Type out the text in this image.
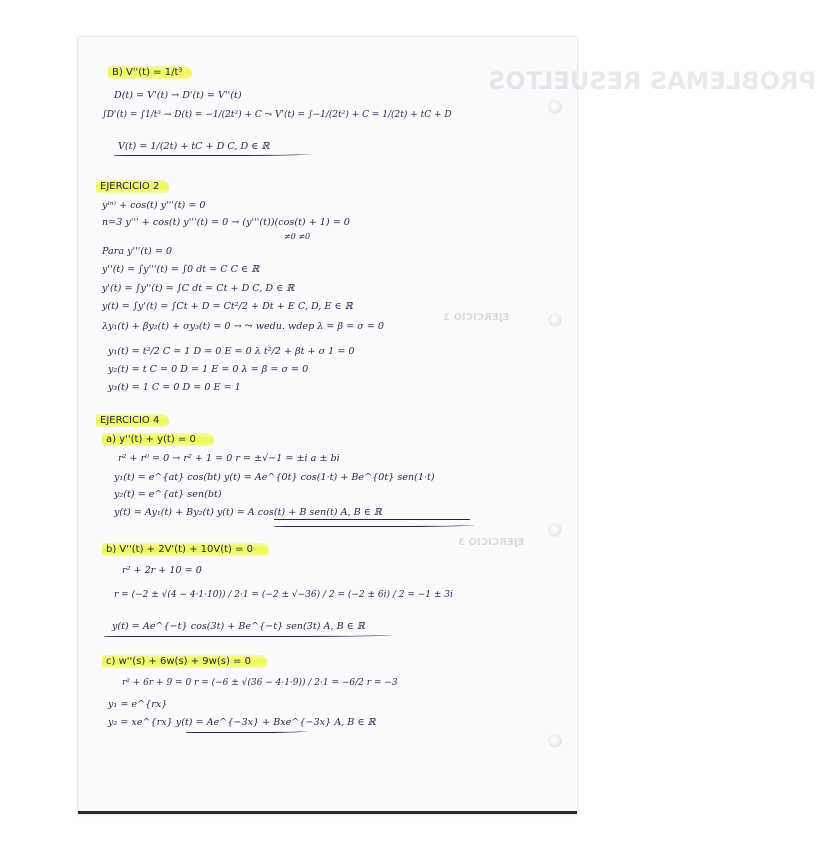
PROBLEMAS RESUELTOS
EJERCICIO 1
EJERCICIO 3
B) V''(t) = 1/t³
D(t) = V'(t) → D'(t) = V''(t)
∫D'(t) = ∫1/t³ → D(t) = −1/(2t²) + C ⤳ V'(t) = ∫−1/(2t²) + C = 1/(2t) + tC + D
V(t) = 1/(2t) + tC + D C, D ∈ ℝ
EJERCICIO 2
y⁽ⁿ⁾ + cos(t) y'''(t) = 0
n=3 y''' + cos(t) y'''(t) = 0 → (y'''(t))(cos(t) + 1) = 0
≠0 ≠0
Para y'''(t) = 0
y''(t) = ∫y'''(t) = ∫0 dt = C C ∈ ℝ
y'(t) = ∫y''(t) = ∫C dt = Ct + D C, D ∈ ℝ
y(t) = ∫y'(t) = ∫Ct + D = Ct²/2 + Dt + E C, D, E ∈ ℝ
λy₁(t) + βy₂(t) + σy₃(t) = 0 → ⤳ wedu. wdep λ = β = σ = 0
y₁(t) = t²/2 C = 1 D = 0 E = 0 λ t²/2 + βt + σ 1 = 0
y₂(t) = t C = 0 D = 1 E = 0 λ = β = σ = 0
y₃(t) = 1 C = 0 D = 0 E = 1
EJERCICIO 4
a) y''(t) + y(t) = 0
r² + r⁰ = 0 → r² + 1 = 0 r = ±√−1 = ±i a ± bi
y₁(t) = e^{at} cos(bt) y(t) = Ae^{0t} cos(1·t) + Be^{0t} sen(1·t)
y₂(t) = e^{at} sen(bt)
y(t) = Ay₁(t) + By₂(t) y(t) = A cos(t) + B sen(t) A, B ∈ ℝ
b) V''(t) + 2V'(t) + 10V(t) = 0
r² + 2r + 10 = 0
r = (−2 ± √(4 − 4·1·10)) / 2·1 = (−2 ± √−36) / 2 = (−2 ± 6i) / 2 = −1 ± 3i
y(t) = Ae^{−t} cos(3t) + Be^{−t} sen(3t) A, B ∈ ℝ
c) w''(s) + 6w(s) + 9w(s) = 0
r² + 6r + 9 = 0 r = (−6 ± √(36 − 4·1·9)) / 2·1 = −6/2 r = −3
y₁ = e^{rx}
y₂ = xe^{rx} y(t) = Ae^{−3x} + Bxe^{−3x} A, B ∈ ℝ
